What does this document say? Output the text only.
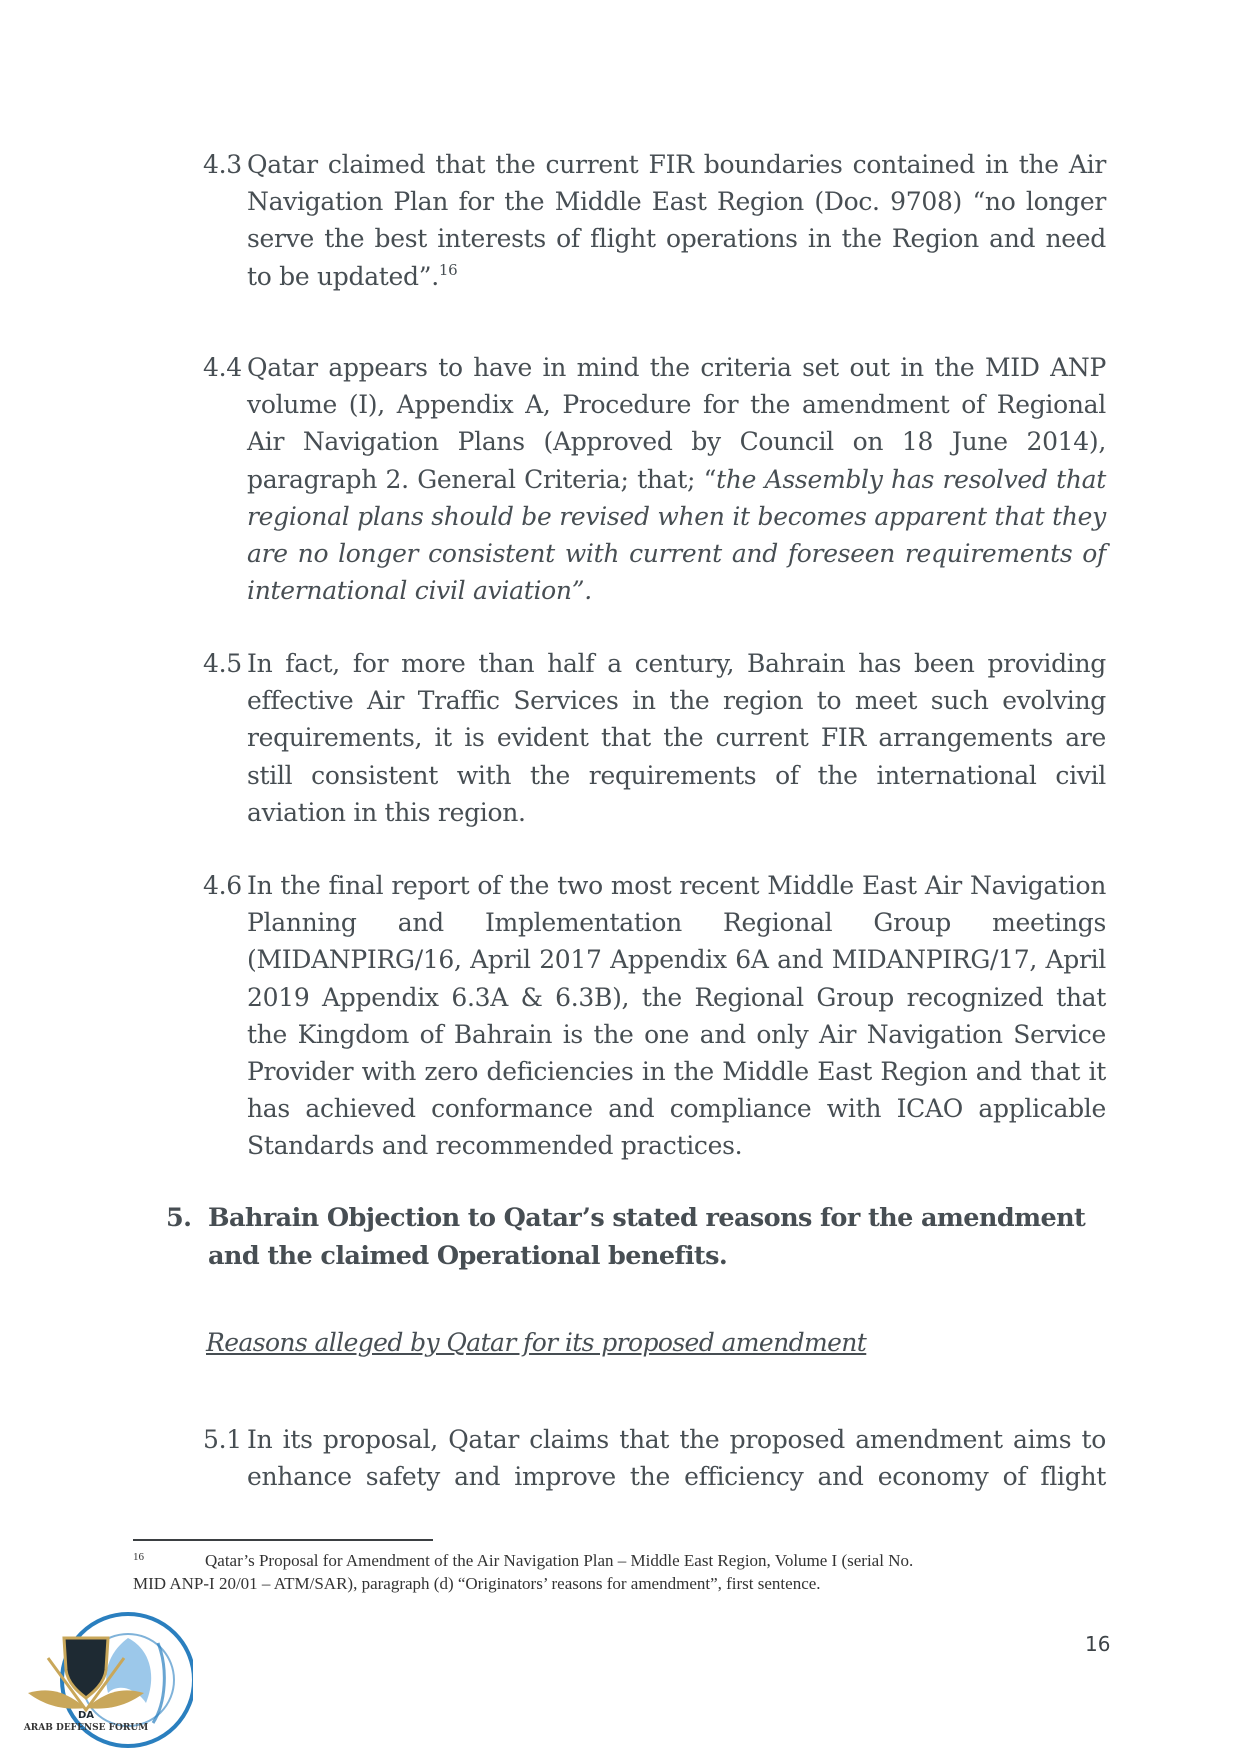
4.3 Qatar claimed that the current FIR boundaries contained in the Air Navigation Plan for the Middle East Region (Doc. 9708) “no longer serve the best interests of flight operations in the Region and need to be updated”.$^{16}$
4.4 Qatar appears to have in mind the criteria set out in the MID ANP volume (I), Appendix A, Procedure for the amendment of Regional Air Navigation Plans (Approved by Council on 18 June 2014), paragraph 2. General Criteria; that; “the Assembly has resolved that regional plans should be revised when it becomes apparent that they are no longer consistent with current and foreseen requirements of international civil aviation”.
4.5 In fact, for more than half a century, Bahrain has been providing effective Air Traffic Services in the region to meet such evolving requirements, it is evident that the current FIR arrangements are still consistent with the requirements of the international civil aviation in this region.
4.6 In the final report of the two most recent Middle East Air Navigation Planning and Implementation Regional Group meetings (MIDANPIRG/16, April 2017 Appendix 6A and MIDANPIRG/17, April 2019 Appendix 6.3A & 6.3B), the Regional Group recognized that the Kingdom of Bahrain is the one and only Air Navigation Service Provider with zero deficiencies in the Middle East Region and that it has achieved conformance and compliance with ICAO applicable Standards and recommended practices.
5. Bahrain Objection to Qatar’s stated reasons for the amendment and the claimed Operational benefits.
Reasons alleged by Qatar for its proposed amendment
5.1 In its proposal, Qatar claims that the proposed amendment aims to enhance safety and improve the efficiency and economy of flight
16	Qatar’s Proposal for Amendment of the Air Navigation Plan – Middle East Region, Volume I (serial No.
MID ANP-I 20/01 – ATM/SAR), paragraph (d) “Originators’ reasons for amendment”, first sentence.
16
ARAB DEFENSE FORUM
DA
